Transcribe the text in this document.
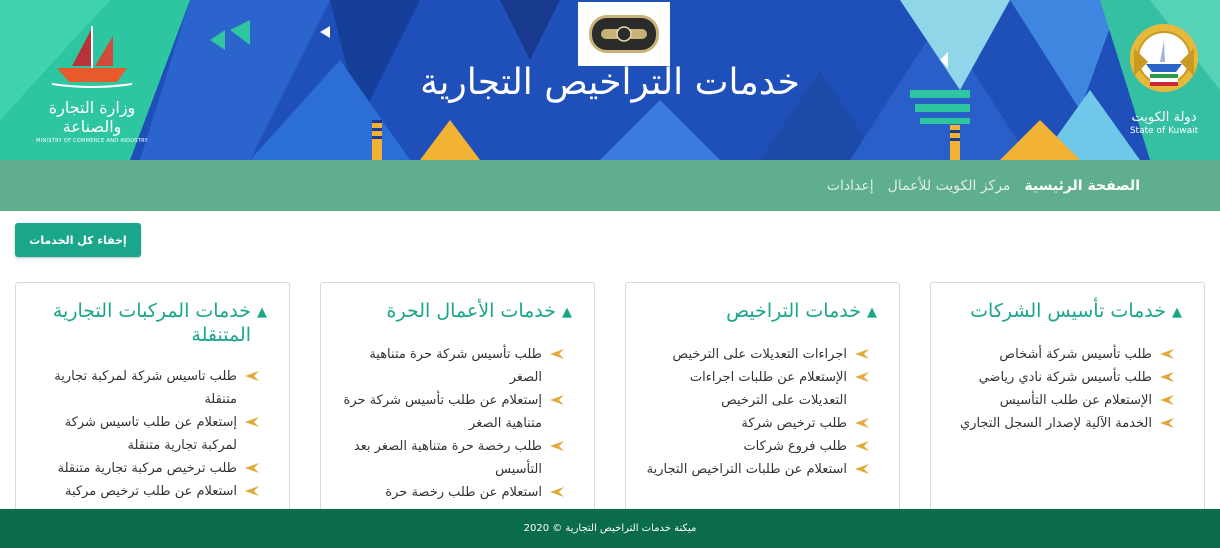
وزارة التجارة والصناعة
MINISTRY OF COMMERCE AND INDUSTRY
خدمات التراخيص التجارية
دولة الكويت
State of Kuwait
الصفحة الرئيسية
مركز الكويت للأعمال
إعدادات
إخفاء كل الخدمات
▲
خدمات تأسيس الشركات
طلب تأسيس شركة أشخاص
طلب تأسيس شركة نادي رياضي
الإستعلام عن طلب التأسيس
الخدمة الآلية لإصدار السجل التجاري
▲
خدمات التراخيص
اجراءات التعديلات على الترخيص
الإستعلام عن طلبات اجراءات التعديلات على الترخيص
طلب ترخيص شركة
طلب فروع شركات
استعلام عن طلبات التراخيص التجارية
▲
خدمات الأعمال الحرة
طلب تأسيس شركة حرة متناهية الصغر
إستعلام عن طلب تأسيس شركة حرة متناهية الصغر
طلب رخصة حرة متناهية الصغر بعد التأسيس
استعلام عن طلب رخصة حرة
▲
خدمات المركبات التجارية المتنقلة
طلب تاسيس شركة لمركبة تجارية متنقلة
إستعلام عن طلب تاسيس شركة لمركبة تجارية متنقلة
طلب ترخيص مركبة تجارية متنقلة
استعلام عن طلب ترخيص مركبة
ميكنة خدمات التراخيص التجارية © 2020
